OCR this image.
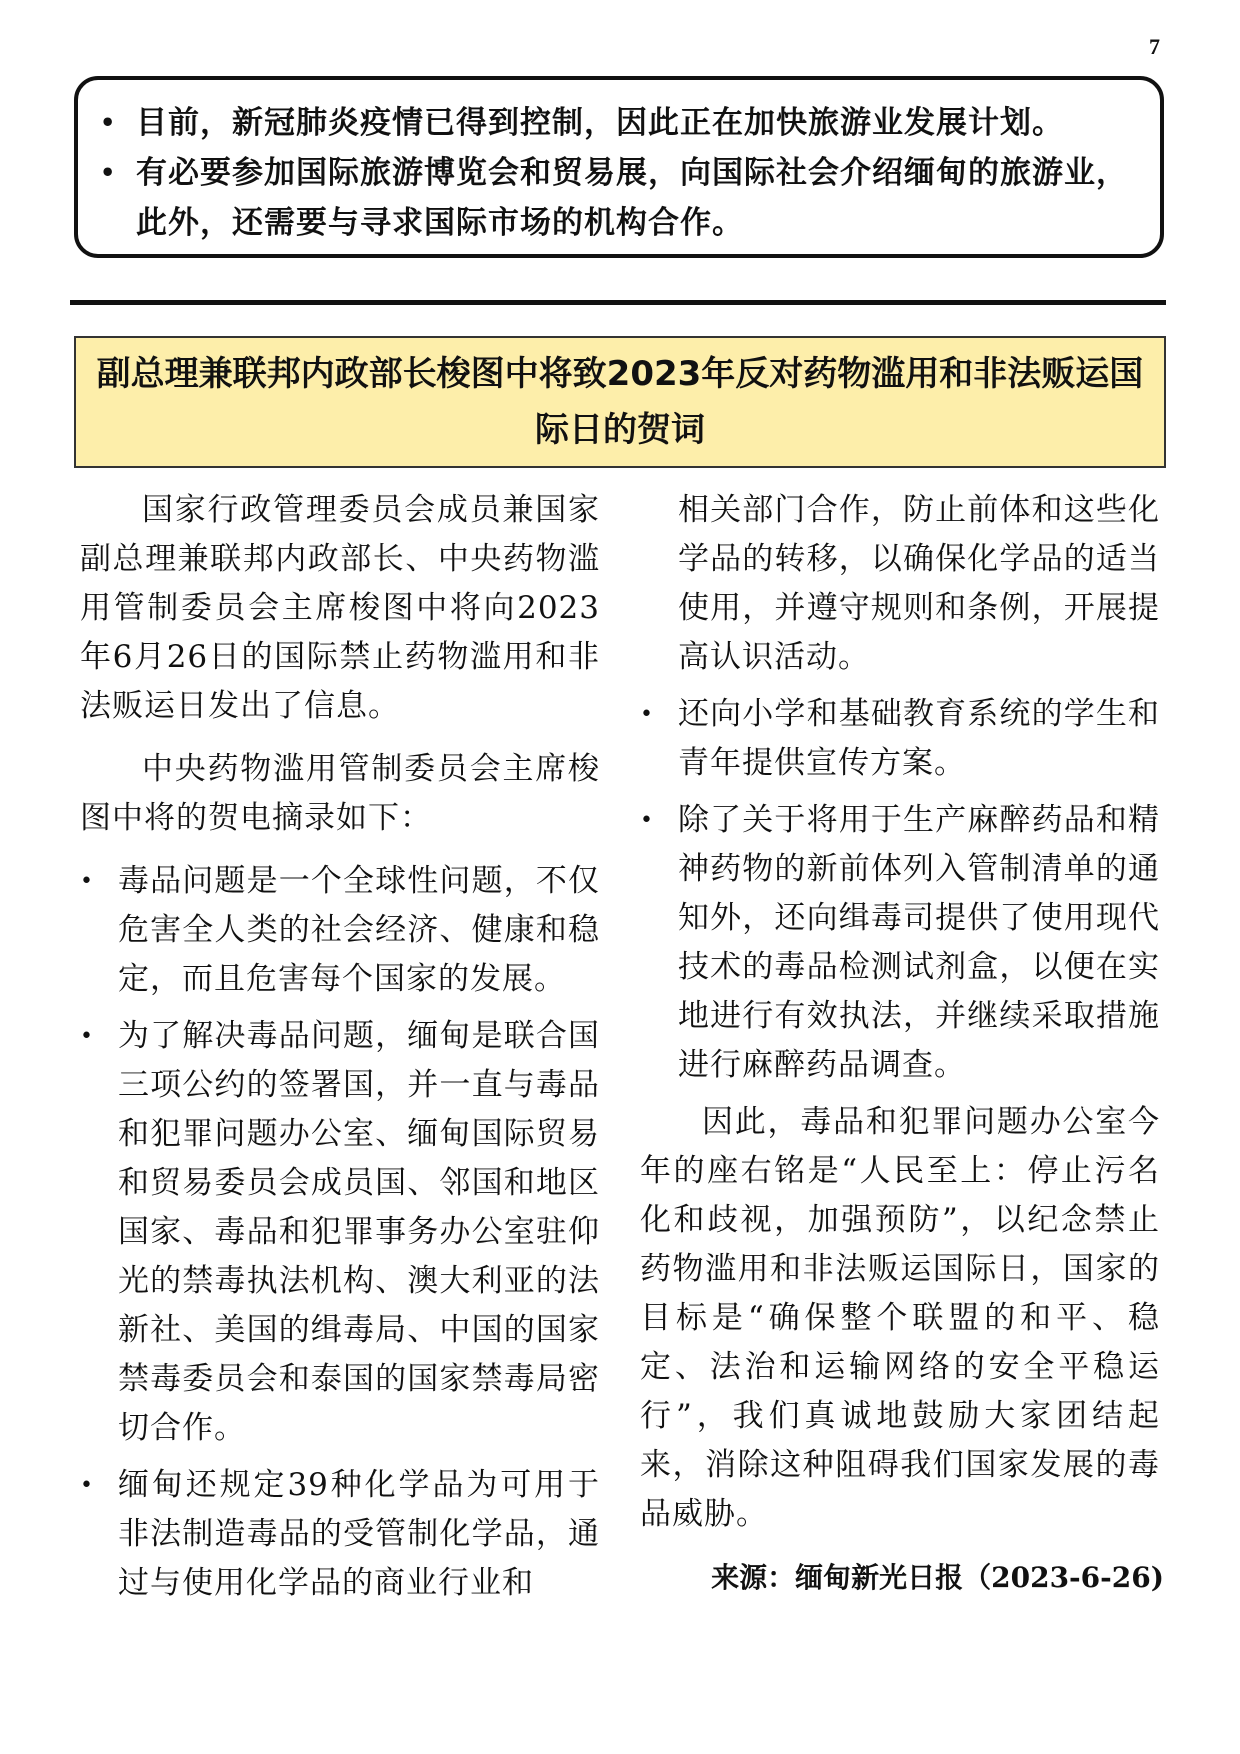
7
• 目前，新冠肺炎疫情已得到控制，因此正在加快旅游业发展计划。
• 有必要参加国际旅游博览会和贸易展，向国际社会介绍缅甸的旅游业，此外，还需要与寻求国际市场的机构合作。
副总理兼联邦内政部长梭图中将致2023年反对药物滥用和非法贩运国际日的贺词

国家行政管理委员会成员兼国家副总理兼联邦内政部长、中央药物滥用管制委员会主席梭图中将向2023年6月26日的国际禁止药物滥用和非法贩运日发出了信息。

中央药物滥用管制委员会主席梭图中将的贺电摘录如下：

• 毒品问题是一个全球性问题，不仅危害全人类的社会经济、健康和稳定，而且危害每个国家的发展。
• 为了解决毒品问题，缅甸是联合国三项公约的签署国，并一直与毒品和犯罪问题办公室、缅甸国际贸易和贸易委员会成员国、邻国和地区国家、毒品和犯罪事务办公室驻仰光的禁毒执法机构、澳大利亚的法新社、美国的缉毒局、中国的国家禁毒委员会和泰国的国家禁毒局密切合作。
• 缅甸还规定39种化学品为可用于非法制造毒品的受管制化学品，通过与使用化学品的商业行业和
相关部门合作，防止前体和这些化学品的转移，以确保化学品的适当使用，并遵守规则和条例，开展提高认识活动。
• 还向小学和基础教育系统的学生和青年提供宣传方案。
• 除了关于将用于生产麻醉药品和精神药物的新前体列入管制清单的通知外，还向缉毒司提供了使用现代技术的毒品检测试剂盒，以便在实地进行有效执法，并继续采取措施进行麻醉药品调查。

因此，毒品和犯罪问题办公室今年的座右铭是“人民至上：停止污名化和歧视，加强预防”，以纪念禁止药物滥用和非法贩运国际日，国家的目标是“确保整个联盟的和平、稳定、法治和运输网络的安全平稳运行”，我们真诚地鼓励大家团结起来，消除这种阻碍我们国家发展的毒品威胁。

来源：缅甸新光日报（2023-6-26)
